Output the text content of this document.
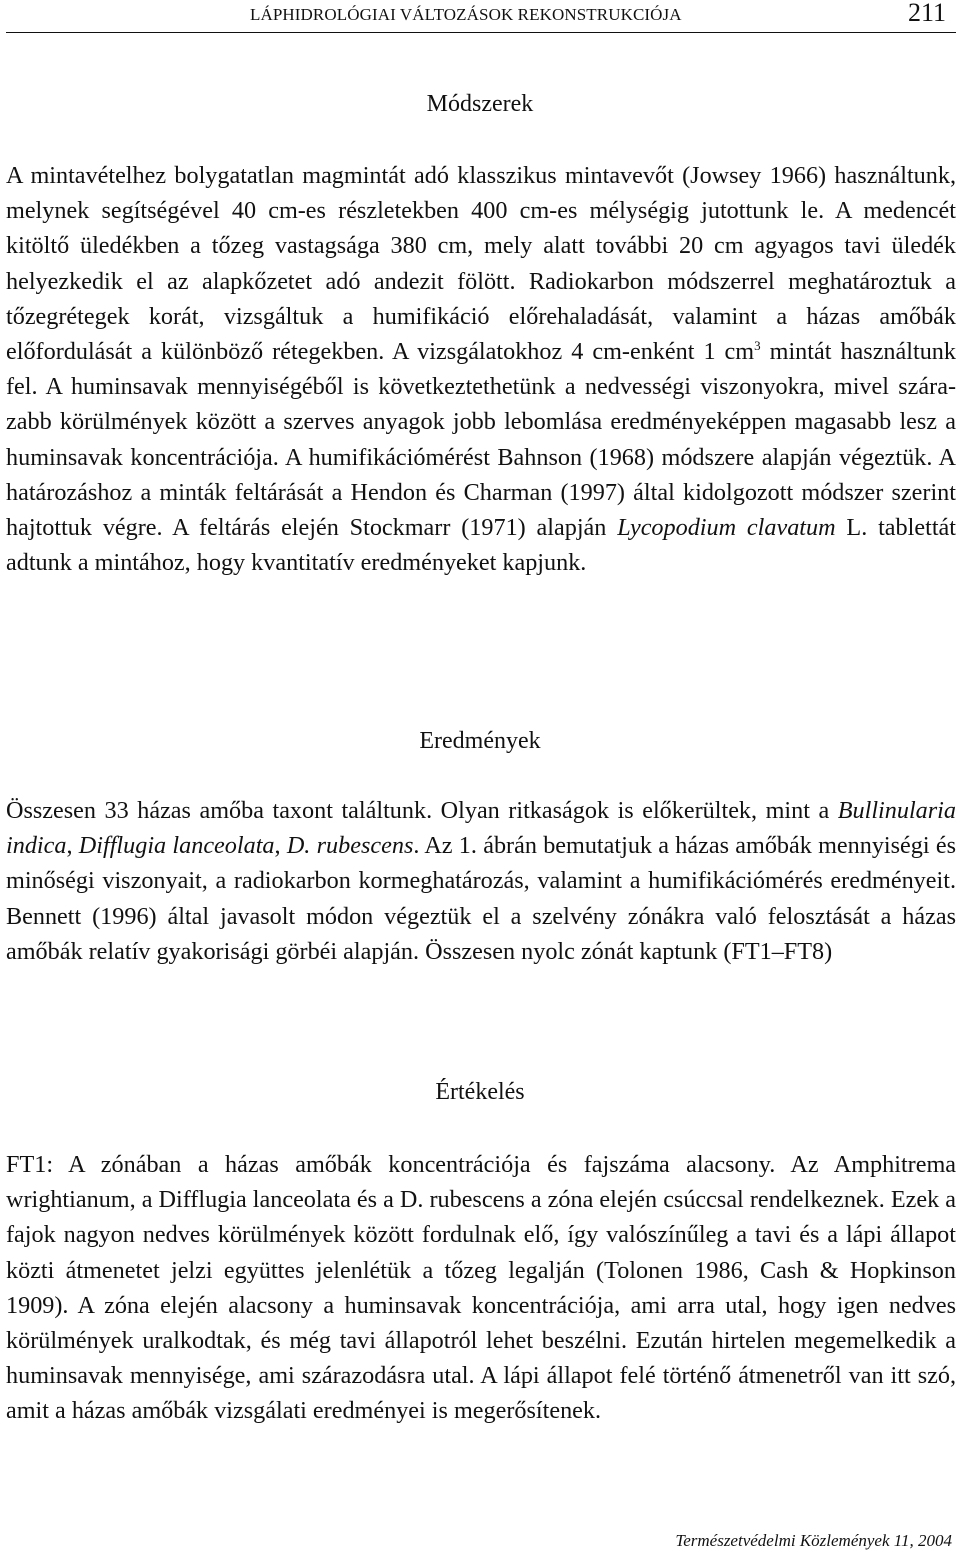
LÁPHIDROLÓGIAI VÁLTOZÁSOK REKONSTRUKCIÓJA	211
Módszerek

A mintavételhez bolygatatlan magmintát adó klasszikus mintavevőt (Jowsey 1966) használtunk, melynek segítségével 40 cm-es részletekben 400 cm-es mélységig jutottunk le. A medencét kitöltő üledékben a tőzeg vastagsága 380 cm, mely alatt további 20 cm agyagos tavi üledék helyezkedik el az alapkőzetet adó andezit fölött. Radiokarbon módszerrel meghatároztuk a tőzegrétegek korát, vizsgáltuk a humifikáció előrehaladását, valamint a házas amőbák előfordulását a különböző rétegekben. A vizsgálatokhoz 4 cm-enként 1 $cm^3$ mintát használtunk fel. A huminsavak mennyiségéből is következtethetünk a nedvességi viszonyokra, mivel szárazabb körülmények között a szerves anyagok jobb lebomlása eredményeképpen magasabb lesz a huminsavak koncentrációja. A humifikációmérést Bahnson (1968) módszere alapján végeztük. A határozáshoz a minták feltárását a Hendon és Charman (1997) által kidolgozott módszer szerint hajtottuk végre. A feltárás elején Stockmarr (1971) alapján Lycopodium clavatum L. tablettát adtunk a mintához, hogy kvantitatív eredményeket kapjunk.

Eredmények

Összesen 33 házas amőba taxont találtunk. Olyan ritkaságok is előkerültek, mint a Bullinularia indica, Difflugia lanceolata, D. rubescens. Az 1. ábrán bemutatjuk a házas amőbák mennyiségi és minőségi viszonyait, a radiokarbon kormeghatározás, valamint a humifikációmérés eredményeit. Bennett (1996) által javasolt módon végeztük el a szelvény zónákra való felosztását a házas amőbák relatív gyakorisági görbéi alapján. Összesen nyolc zónát kaptunk (FT1–FT8)

Értékelés

FT1: A zónában a házas amőbák koncentrációja és fajszáma alacsony. Az Amphitrema wrightianum, a Difflugia lanceolata és a D. rubescens a zóna elején csúccsal rendelkeznek. Ezek a fajok nagyon nedves körülmények között fordulnak elő, így valószínűleg a tavi és a lápi állapot közti átmenetet jelzi együttes jelenlétük a tőzeg legalján (Tolonen 1986, Cash & Hopkinson 1909). A zóna elején alacsony a huminsavak koncentrációja, ami arra utal, hogy igen nedves körülmények uralkodtak, és még tavi állapotról lehet beszélni. Ezután hirtelen megemelkedik a huminsavak mennyisége, ami szárazodásra utal. A lápi állapot felé történő átmenetről van itt szó, amit a házas amőbák vizsgálati eredményei is megerősítenek.

Természetvédelmi Közlemények 11, 2004
